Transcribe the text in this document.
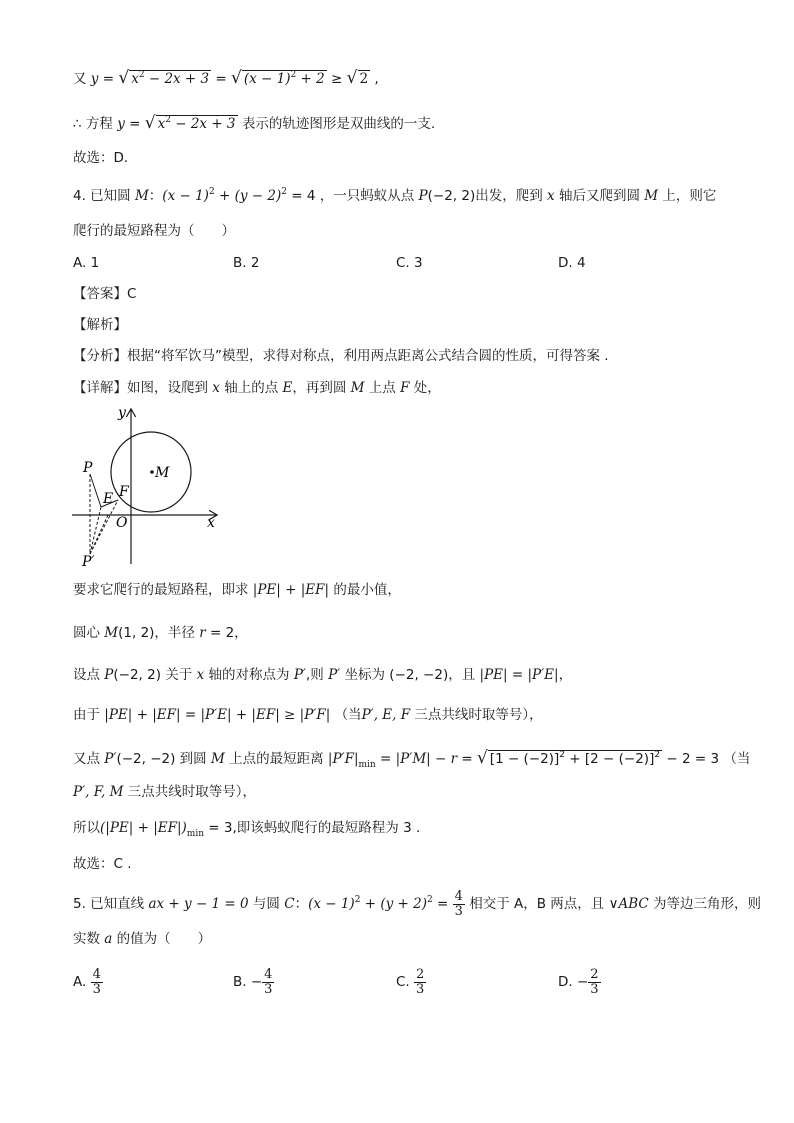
又 y = √ $x^2 - 2x + 3$ = √ $(x - 1)^2 + 2$ ≥ √ 2 ,
∴ 方程 y = √ $x^2 - 2x + 3$ 表示的轨迹图形是双曲线的一支.
故选：D.
4. 已知圆 M：$(x - 1)^2 + (y - 2)^2 = 4$ ，一只蚂蚁从点 P(−2, 2)出发，爬到 x 轴后又爬到圆 M 上，则它
爬行的最短路程为（　　）
A. 1	B. 2	C. 3	D. 4
【答案】C
【解析】
【分析】根据“将军饮马”模型，求得对称点，利用两点距离公式结合圆的性质，可得答案 .
【详解】如图，设爬到 x 轴上的点 E，再到圆 M 上点 F 处，
y
x
O
M
P
E F
P′
要求它爬行的最短路程，即求 |PE| + |EF| 的最小值，
圆心 M(1, 2)，半径 r = 2，
设点 P(−2, 2) 关于 x 轴的对称点为 P′,则 P′ 坐标为 (−2, −2)，且 |PE| = |P′E|，
由于 |PE| + |EF| = |P′E| + |EF| ≥ |P′F| （当P′, E, F 三点共线时取等号），
又点 P′(−2, −2) 到圆 M 上点的最短距离 $|P'F|_{min} = |P'M| - r$ = √ $[1 - (-2)]^2 + [2 - (-2)]^2 - 2 = 3$ （当
P′, F, M 三点共线时取等号），
所以$(|PE| + |EF|)_{min} = 3$,即该蚂蚁爬行的最短路程为 3 .
故选：C .
5. 已知直线 ax + y − 1 = 0 与圆 C：$(x - 1)^2 + (y + 2)^2 = \frac{4}{3}$ 相交于 A，B 两点，且 ∨ABC 为等边三角形，则
实数 a 的值为（　　）
A. $\frac{4}{3}$	B. − $\frac{4}{3}$	C. $\frac{2}{3}$	D. − $\frac{2}{3}$
